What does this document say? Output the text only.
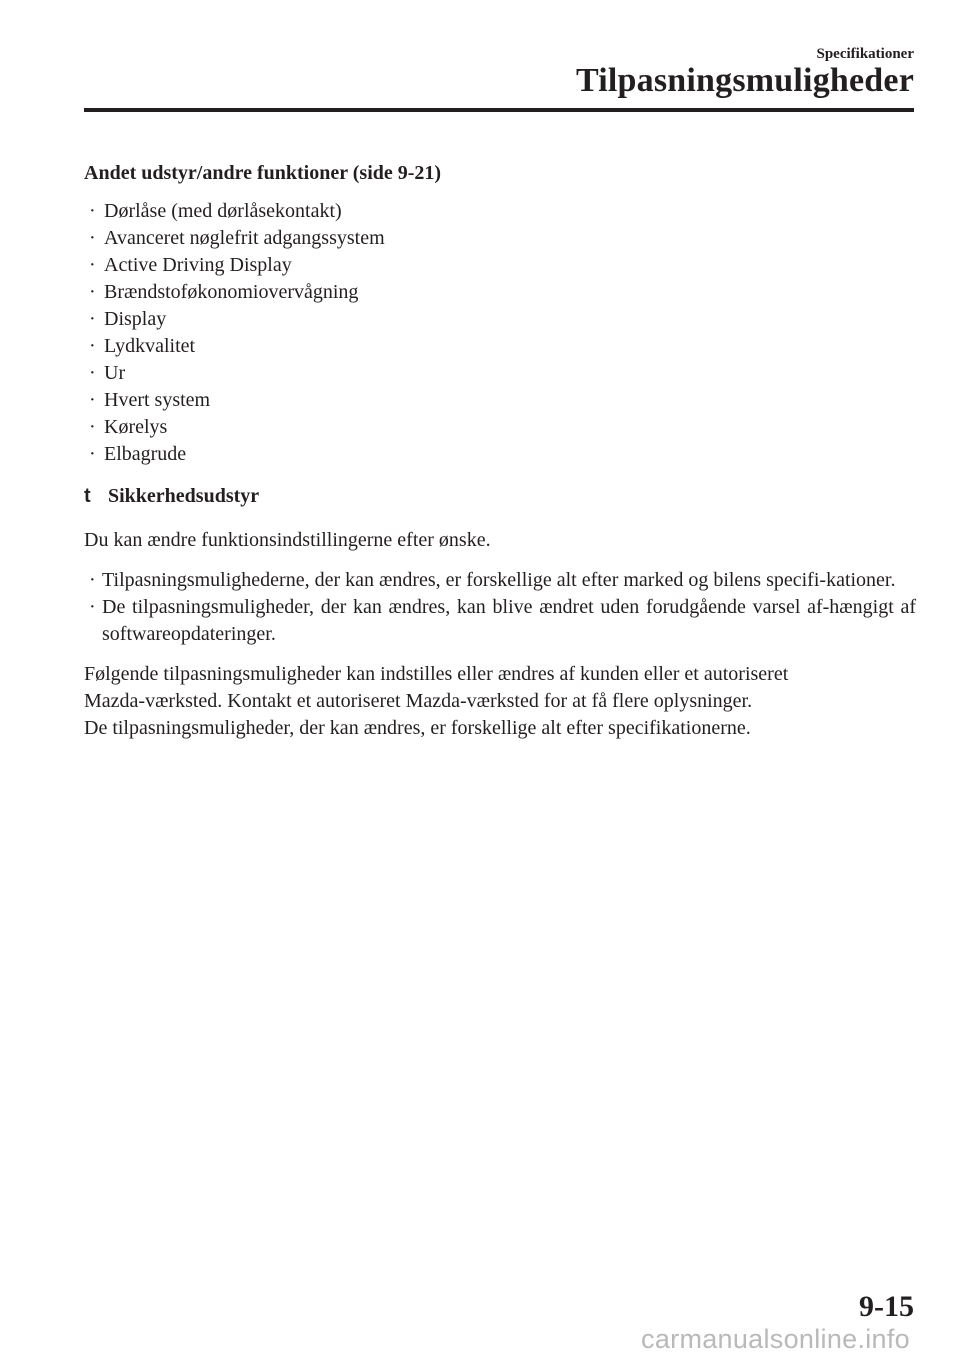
Specifikationer
Tilpasningsmuligheder
Andet udstyr/andre funktioner (side 9-21)
· Dørlåse (med dørlåsekontakt)
· Avanceret nøglefrit adgangssystem
· Active Driving Display
· Brændstoføkonomiovervågning
· Display
· Lydkvalitet
· Ur
· Hvert system
· Kørelys
· Elbagrude
t Sikkerhedsudstyr

Du kan ændre funktionsindstillingerne efter ønske.

· Tilpasningsmulighederne, der kan ændres, er forskellige alt efter marked og bilens specifi-kationer.
· De tilpasningsmuligheder, der kan ændres, kan blive ændret uden forudgående varsel af-hængigt af softwareopdateringer.
Følgende tilpasningsmuligheder kan indstilles eller ændres af kunden eller et autoriseret
Mazda-værksted. Kontakt et autoriseret Mazda-værksted for at få flere oplysninger.
De tilpasningsmuligheder, der kan ændres, er forskellige alt efter specifikationerne.
9-15
carmanualsonline.info
